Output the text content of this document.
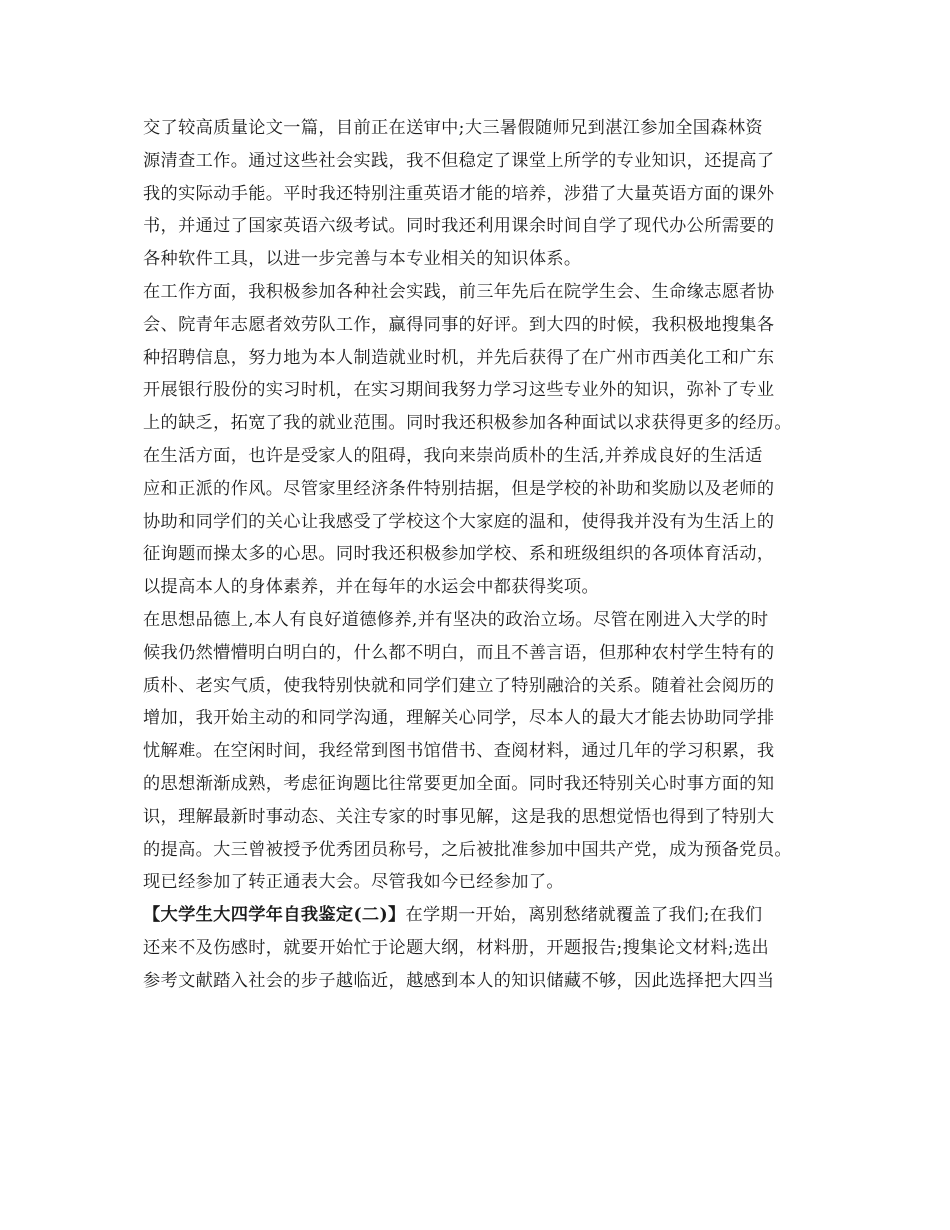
交了较高质量论文一篇，目前正在送审中;大三暑假随师兄到湛江参加全国森林资
源清查工作。通过这些社会实践，我不但稳定了课堂上所学的专业知识，还提高了
我的实际动手能。平时我还特别注重英语才能的培养，涉猎了大量英语方面的课外
书，并通过了国家英语六级考试。同时我还利用课余时间自学了现代办公所需要的
各种软件工具，以进一步完善与本专业相关的知识体系。
在工作方面，我积极参加各种社会实践，前三年先后在院学生会、生命缘志愿者协
会、院青年志愿者效劳队工作，赢得同事的好评。到大四的时候，我积极地搜集各
种招聘信息，努力地为本人制造就业时机，并先后获得了在广州市西美化工和广东
开展银行股份的实习时机，在实习期间我努力学习这些专业外的知识，弥补了专业
上的缺乏，拓宽了我的就业范围。同时我还积极参加各种面试以求获得更多的经历。
在生活方面，也许是受家人的阻碍，我向来崇尚质朴的生活,并养成良好的生活适
应和正派的作风。尽管家里经济条件特别拮据，但是学校的补助和奖励以及老师的
协助和同学们的关心让我感受了学校这个大家庭的温和，使得我并没有为生活上的
征询题而操太多的心思。同时我还积极参加学校、系和班级组织的各项体育活动，
以提高本人的身体素养，并在每年的水运会中都获得奖项。
在思想品德上,本人有良好道德修养,并有坚决的政治立场。尽管在刚进入大学的时
候我仍然懵懵明白明白的，什么都不明白，而且不善言语，但那种农村学生特有的
质朴、老实气质，使我特别快就和同学们建立了特别融洽的关系。随着社会阅历的
增加，我开始主动的和同学沟通，理解关心同学，尽本人的最大才能去协助同学排
忧解难。在空闲时间，我经常到图书馆借书、查阅材料，通过几年的学习积累，我
的思想渐渐成熟，考虑征询题比往常要更加全面。同时我还特别关心时事方面的知
识，理解最新时事动态、关注专家的时事见解，这是我的思想觉悟也得到了特别大
的提高。大三曾被授予优秀团员称号，之后被批准参加中国共产党，成为预备党员。
现已经参加了转正通表大会。尽管我如今已经参加了。
【大学生大四学年自我鉴定(二)】在学期一开始，离别愁绪就覆盖了我们;在我们
还来不及伤感时，就要开始忙于论题大纲，材料册，开题报告;搜集论文材料;选出
参考文献踏入社会的步子越临近，越感到本人的知识储藏不够，因此选择把大四当
